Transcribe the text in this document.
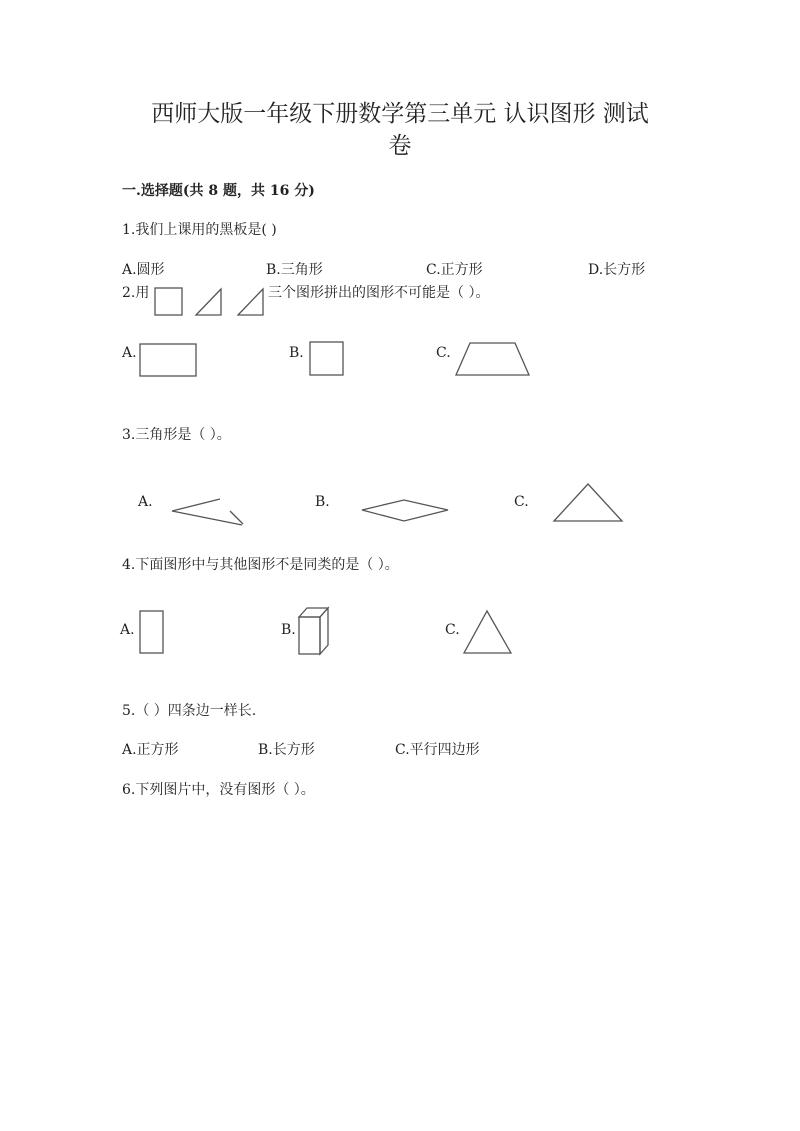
西师大版一年级下册数学第三单元 认识图形 测试
卷
一.选择题(共 8 题，共 16 分)
1.我们上课用的黑板是( )
A.圆形	B.三角形	C.正方形	D.长方形
2.用	三个图形拼出的图形不可能是（ ）。
A.	B.	C.
3.三角形是（ ）。
A.	B.	C.
4.下面图形中与其他图形不是同类的是（ ）。
A.	B.	C.
5.（ ）四条边一样长.
A.正方形	B.长方形	C.平行四边形
6.下列图片中，没有图形（ ）。
